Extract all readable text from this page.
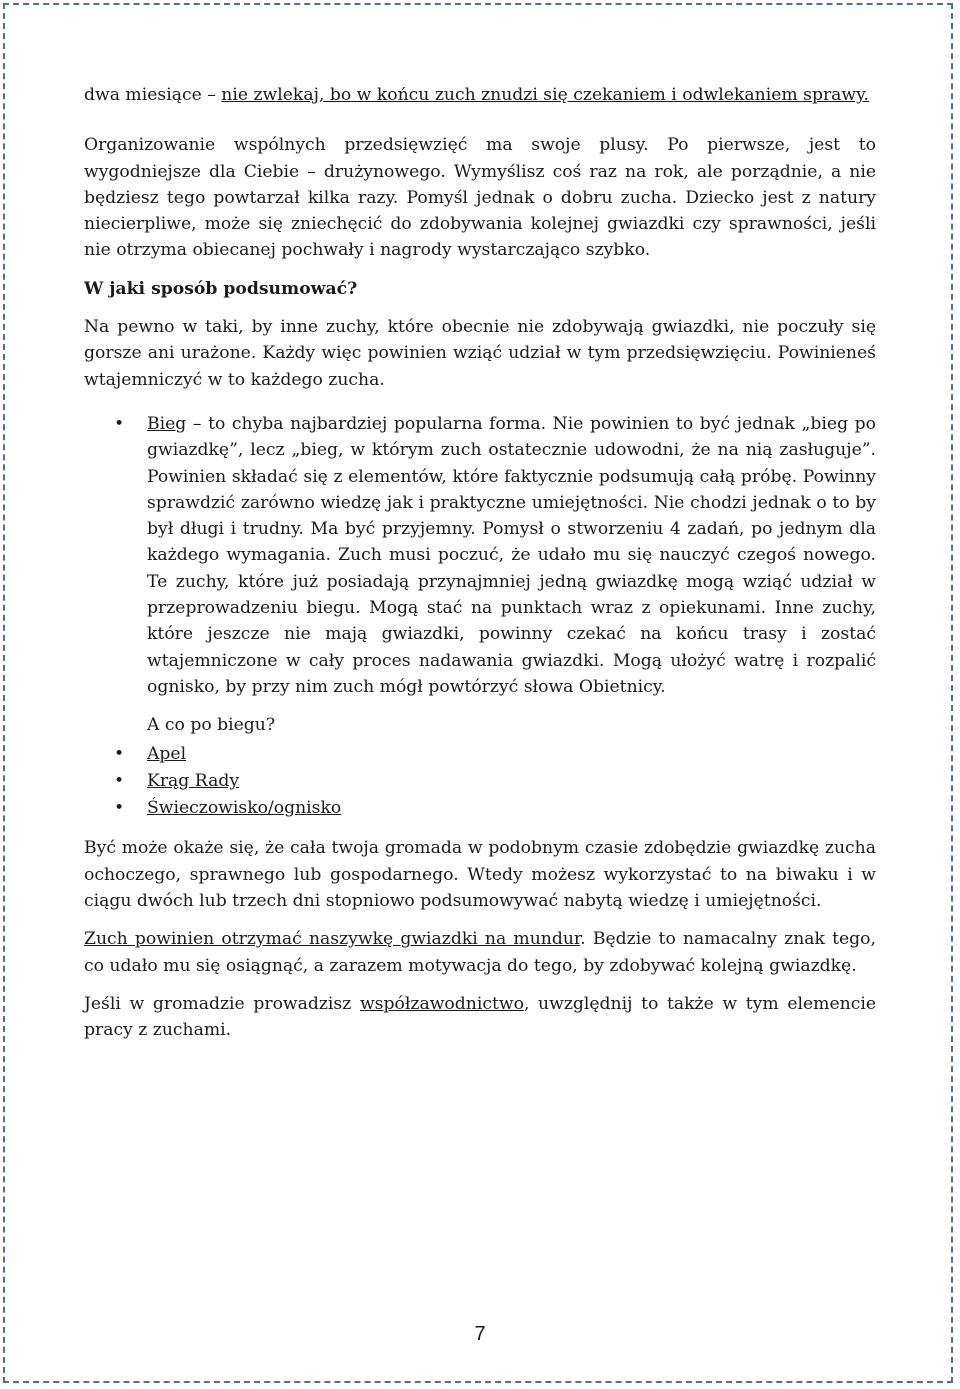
dwa miesiące – nie zwlekaj, bo w końcu zuch znudzi się czekaniem i odwlekaniem sprawy.

Organizowanie wspólnych przedsięwzięć ma swoje plusy. Po pierwsze, jest to wygodniejsze dla Ciebie – drużynowego. Wymyślisz coś raz na rok, ale porządnie, a nie będziesz tego powtarzał kilka razy. Pomyśl jednak o dobru zucha. Dziecko jest z natury niecierpliwe, może się zniechęcić do zdobywania kolejnej gwiazdki czy sprawności, jeśli nie otrzyma obiecanej pochwały i nagrody wystarczająco szybko.

W jaki sposób podsumować?

Na pewno w taki, by inne zuchy, które obecnie nie zdobywają gwiazdki, nie poczuły się gorsze ani urażone. Każdy więc powinien wziąć udział w tym przedsięwzięciu. Powinieneś wtajemniczyć w to każdego zucha.

• Bieg – to chyba najbardziej popularna forma. Nie powinien to być jednak „bieg po gwiazdkę”, lecz „bieg, w którym zuch ostatecznie udowodni, że na nią zasługuje”. Powinien składać się z elementów, które faktycznie podsumują całą próbę. Powinny sprawdzić zarówno wiedzę jak i praktyczne umiejętności. Nie chodzi jednak o to by był długi i trudny. Ma być przyjemny. Pomysł o stworzeniu 4 zadań, po jednym dla każdego wymagania. Zuch musi poczuć, że udało mu się nauczyć czegoś nowego. Te zuchy, które już posiadają przynajmniej jedną gwiazdkę mogą wziąć udział w przeprowadzeniu biegu. Mogą stać na punktach wraz z opiekunami. Inne zuchy, które jeszcze nie mają gwiazdki, powinny czekać na końcu trasy i zostać wtajemniczone w cały proces nadawania gwiazdki. Mogą ułożyć watrę i rozpalić ognisko, by przy nim zuch mógł powtórzyć słowa Obietnicy.

A co po biegu?

• Apel
• Krąg Rady
• Świeczowisko/ognisko

Być może okaże się, że cała twoja gromada w podobnym czasie zdobędzie gwiazdkę zucha ochoczego, sprawnego lub gospodarnego. Wtedy możesz wykorzystać to na biwaku i w ciągu dwóch lub trzech dni stopniowo podsumowywać nabytą wiedzę i umiejętności.

Zuch powinien otrzymać naszywkę gwiazdki na mundur. Będzie to namacalny znak tego, co udało mu się osiągnąć, a zarazem motywacja do tego, by zdobywać kolejną gwiazdkę.

Jeśli w gromadzie prowadzisz współzawodnictwo, uwzględnij to także w tym elemencie pracy z zuchami.

7
